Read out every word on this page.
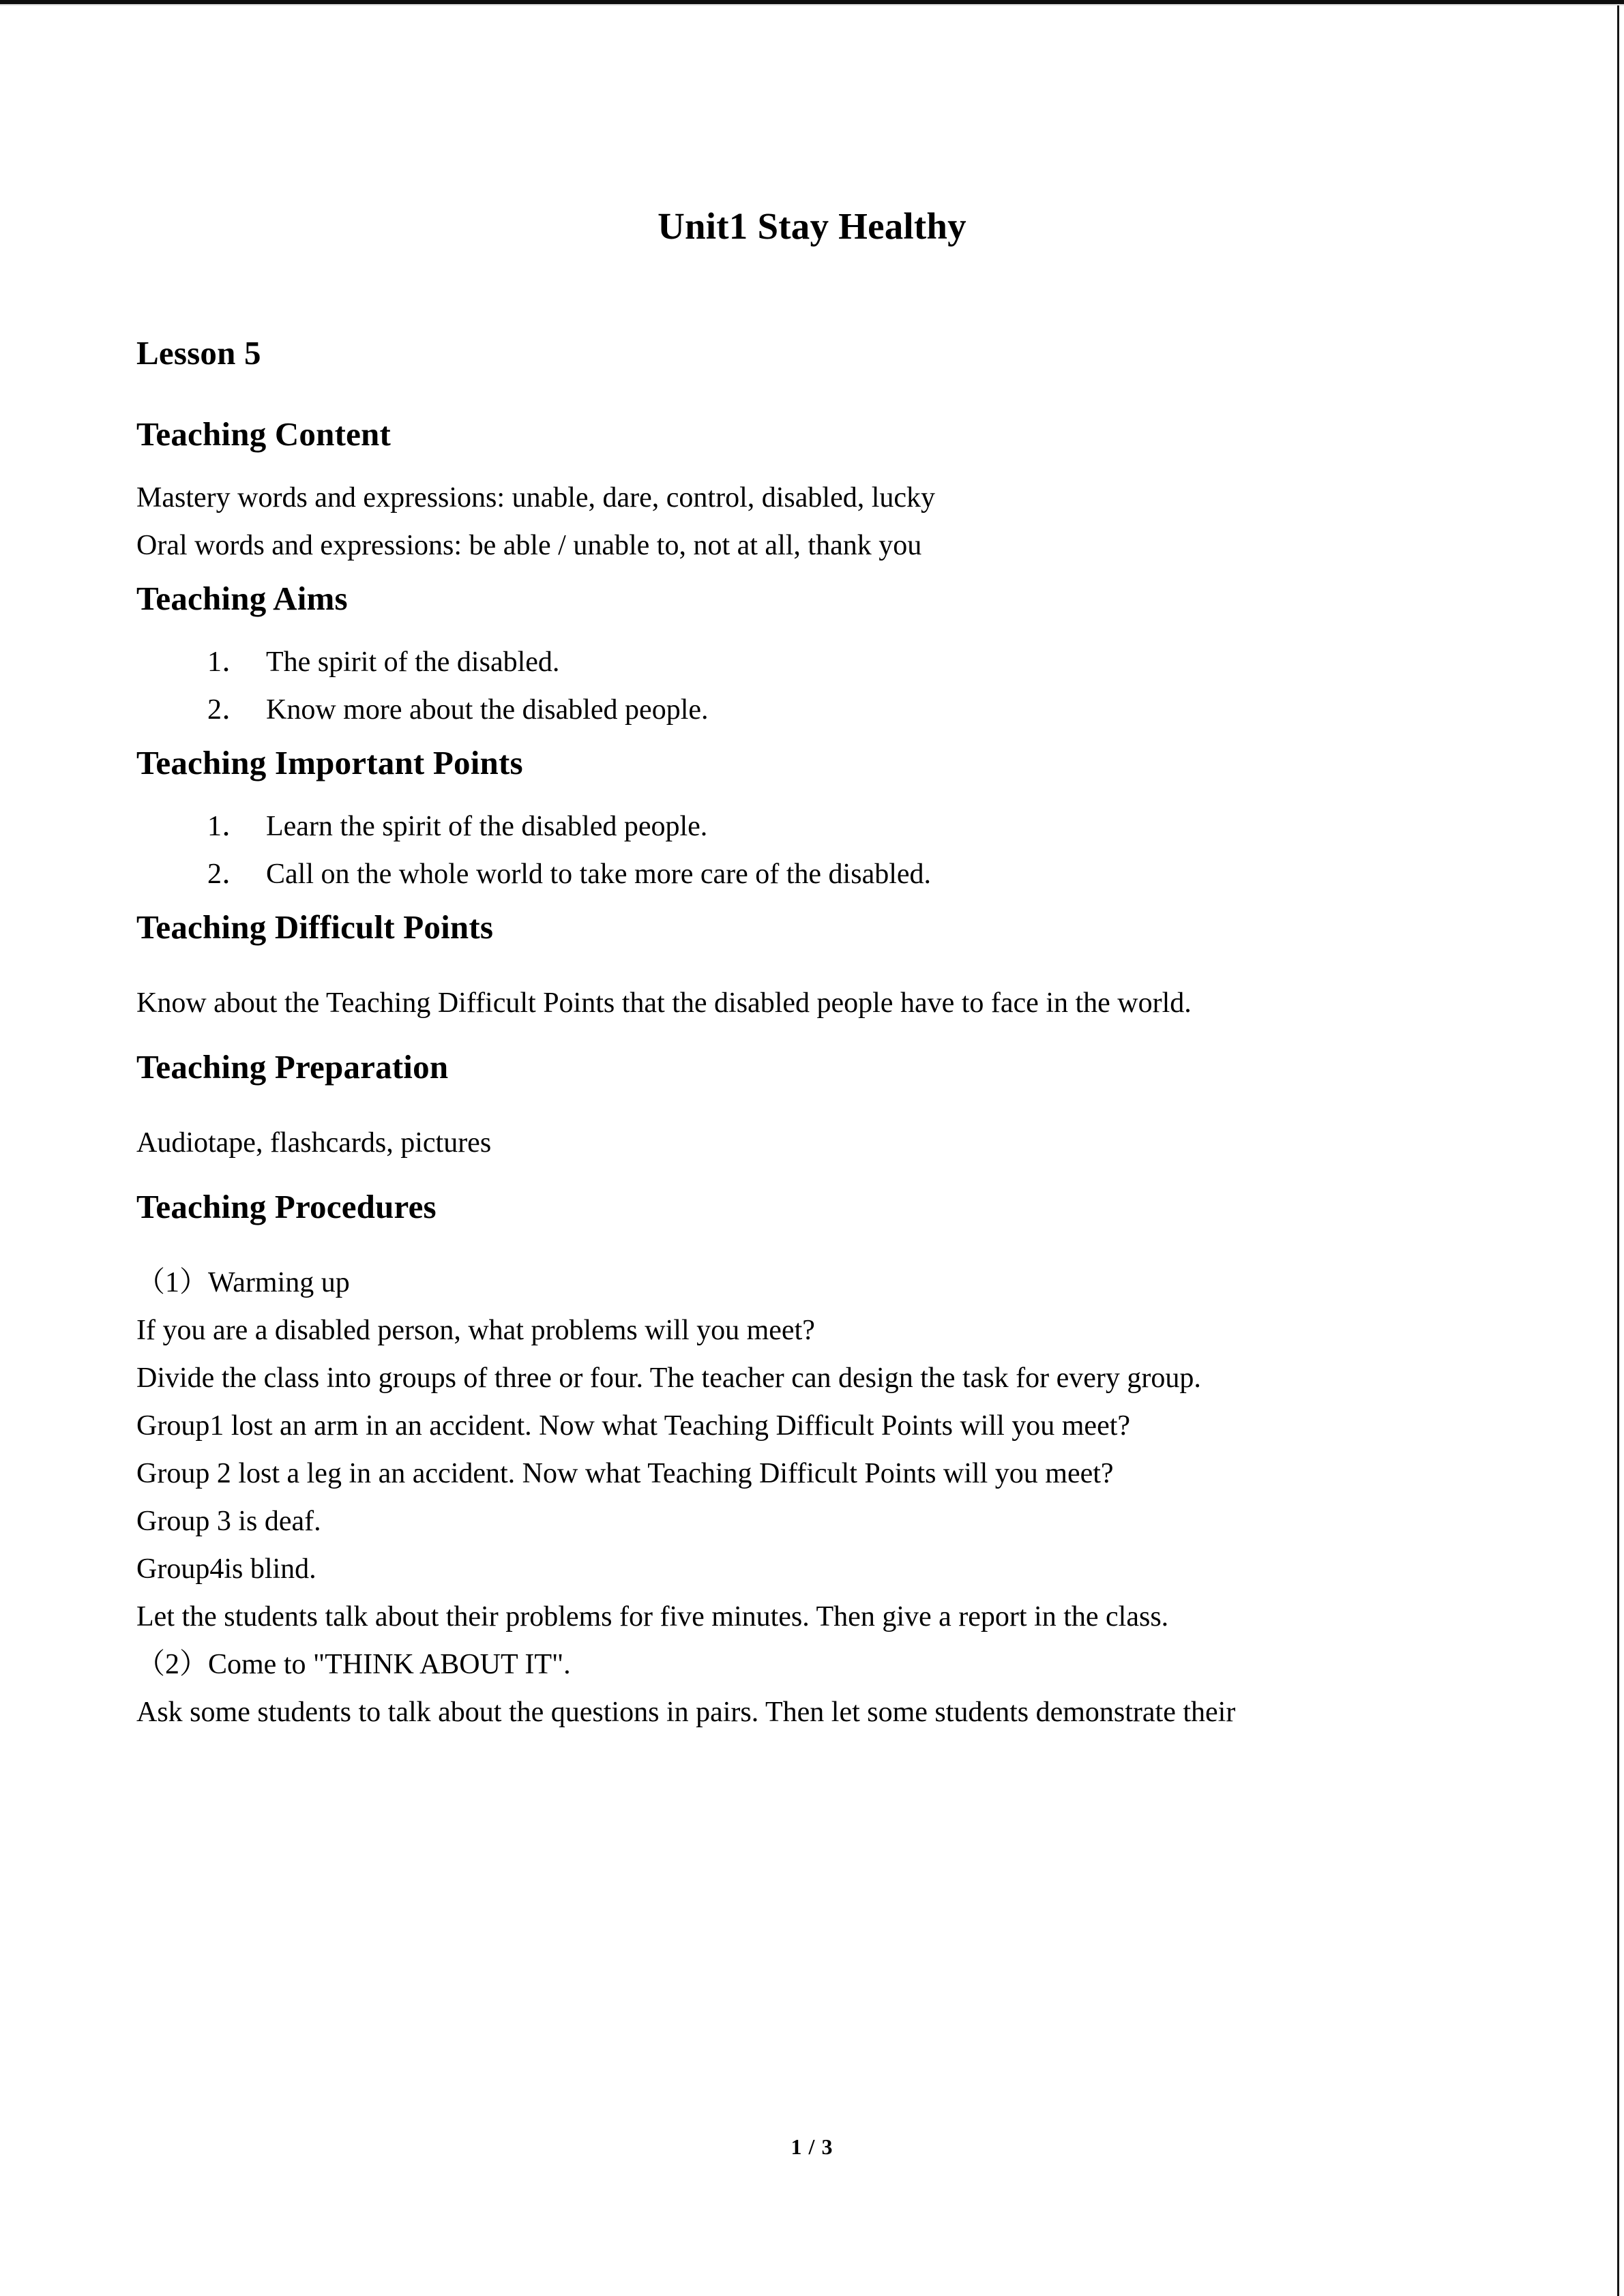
Unit1 Stay Healthy
Lesson 5
Teaching Content

Mastery words and expressions: unable, dare, control, disabled, lucky

Oral words and expressions: be able / unable to, not at all, thank you

Teaching Aims
1． The spirit of the disabled.
2． Know more about the disabled people.
Teaching Important Points
1． Learn the spirit of the disabled people.
2． Call on the whole world to take more care of the disabled.
Teaching Difficult Points

Know about the Teaching Difficult Points that the disabled people have to face in the world.

Teaching Preparation

Audiotape, flashcards, pictures

Teaching Procedures

（1）Warming up

If you are a disabled person, what problems will you meet?

Divide the class into groups of three or four. The teacher can design the task for every group.

Group1 lost an arm in an accident. Now what Teaching Difficult Points will you meet?

Group 2 lost a leg in an accident. Now what Teaching Difficult Points will you meet?

Group 3 is deaf.

Group4is blind.

Let the students talk about their problems for five minutes. Then give a report in the class.

（2）Come to "THINK ABOUT IT".

Ask some students to talk about the questions in pairs. Then let some students demonstrate their

1 / 3
